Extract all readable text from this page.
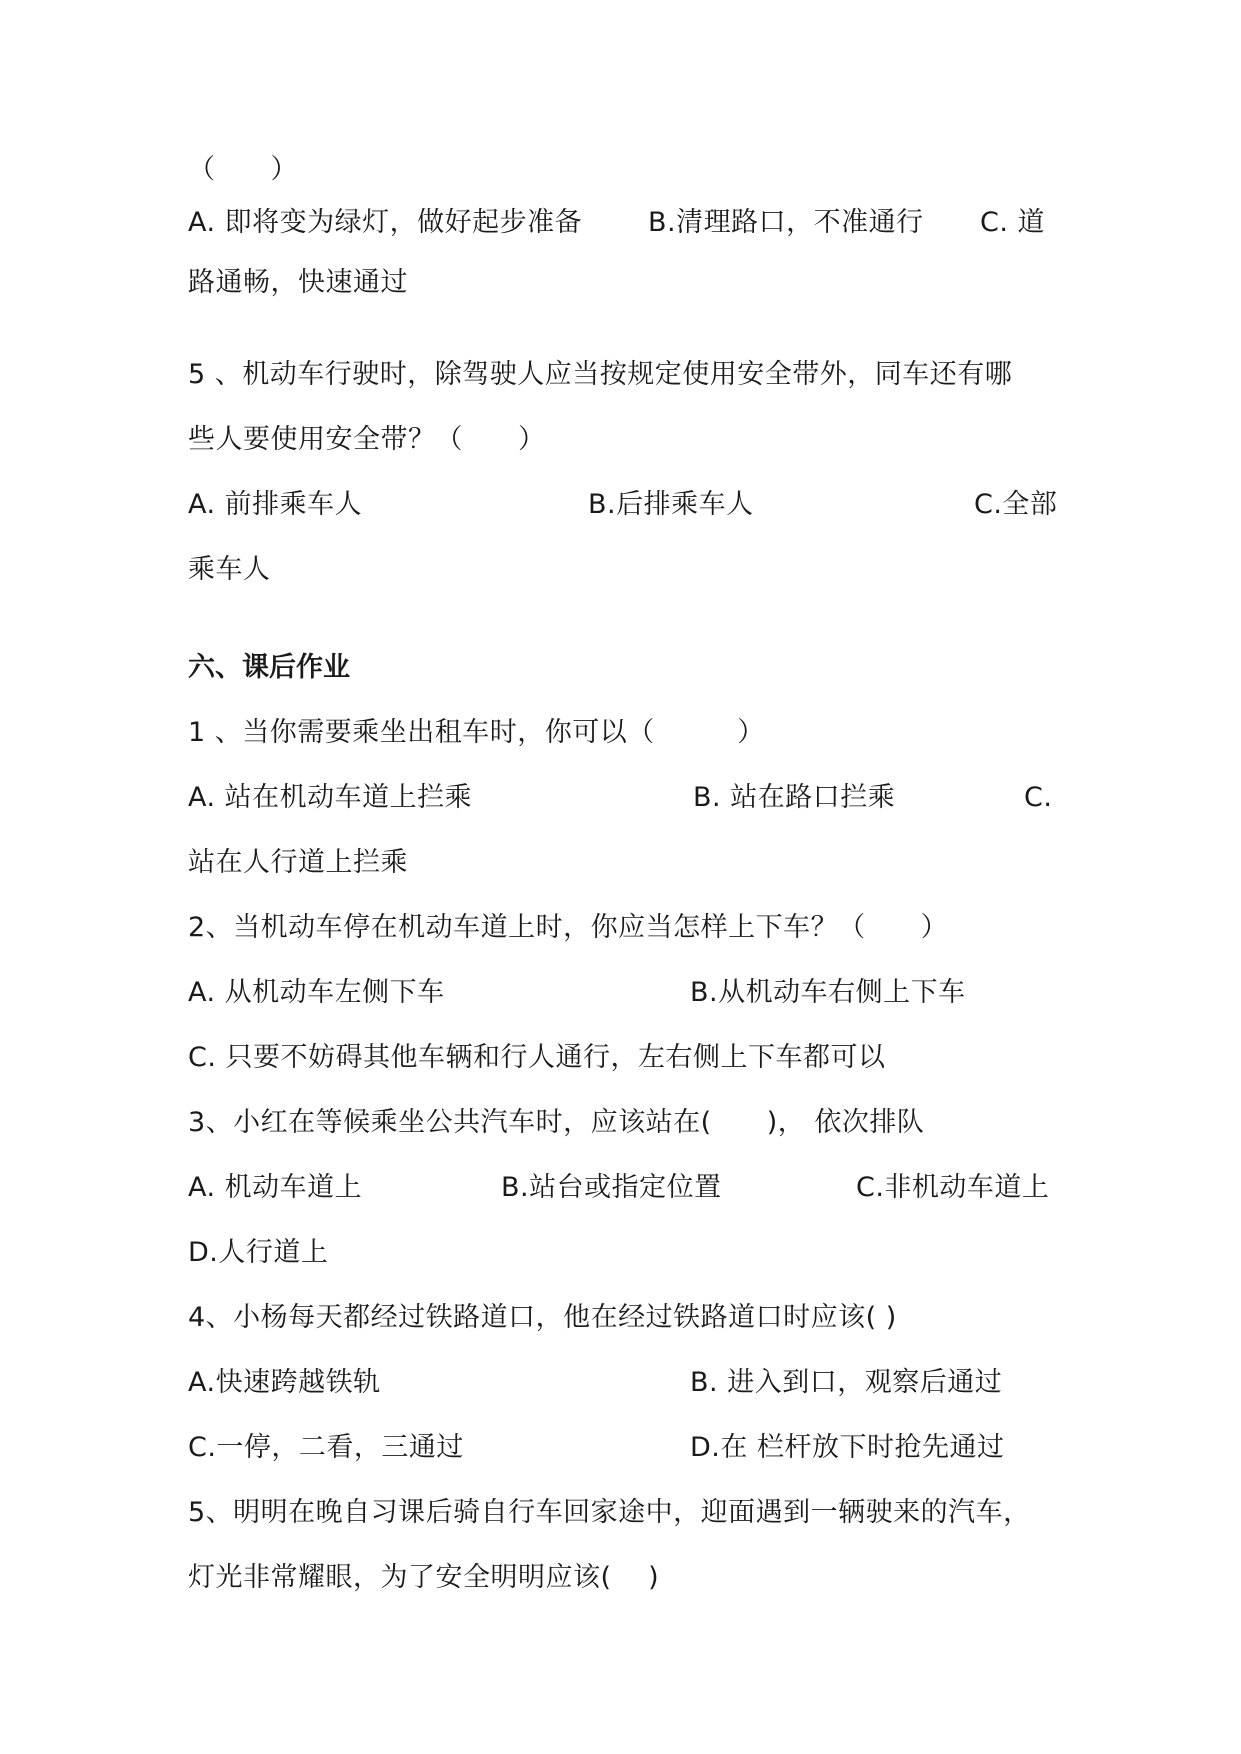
（　　）
A. 即将变为绿灯，做好起步准备 B.清理路口，不准通行 C. 道
路通畅，快速通过
5 、机动车行驶时，除驾驶人应当按规定使用安全带外，同车还有哪
些人要使用安全带？（　　）
A. 前排乘车人	B.后排乘车人	C.全部
乘车人
六、课后作业
1 、当你需要乘坐出租车时，你可以（　　　）
A. 站在机动车道上拦乘	B. 站在路口拦乘	C.
站在人行道上拦乘
2、当机动车停在机动车道上时，你应当怎样上下车？（　　）
A. 从机动车左侧下车	B.从机动车右侧上下车
C. 只要不妨碍其他车辆和行人通行，左右侧上下车都可以
3、小红在等候乘坐公共汽车时，应该站在(　　)， 依次排队
A. 机动车道上	B.站台或指定位置	C.非机动车道上
D.人行道上
4、小杨每天都经过铁路道口，他在经过铁路道口时应该( )
A.快速跨越铁轨	B. 进入到口，观察后通过
C.一停，二看，三通过	D.在 栏杆放下时抢先通过
5、明明在晚自习课后骑自行车回家途中，迎面遇到一辆驶来的汽车，
灯光非常耀眼，为了安全明明应该(　 )
